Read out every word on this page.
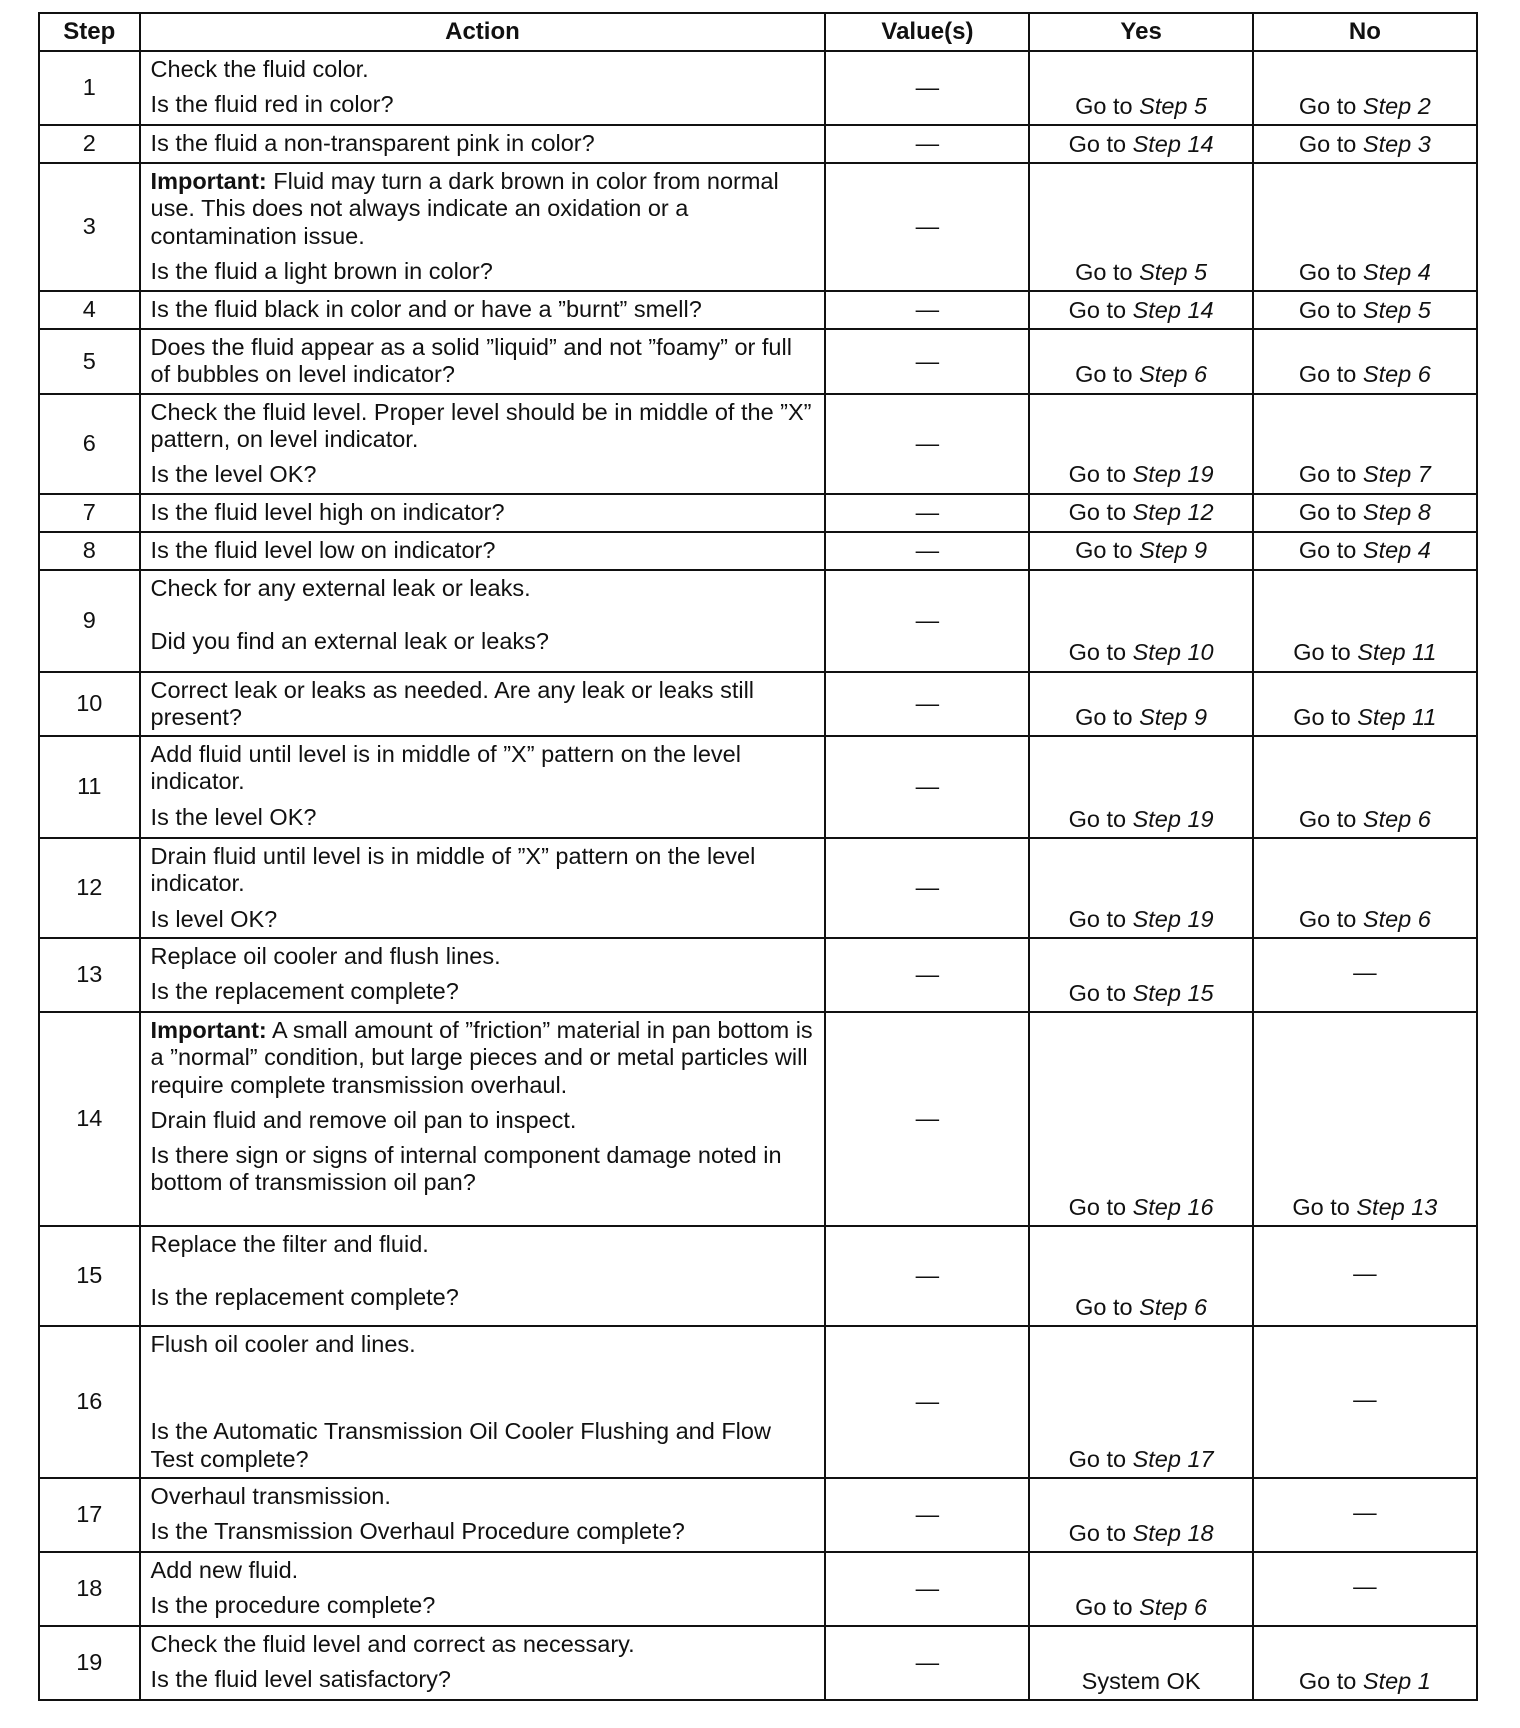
Step	Action	Value(s)	Yes	No
1	Check the fluid color.

Is the fluid red in color?	—	Go to Step 5	Go to Step 2
2	Is the fluid a non-transparent pink in color?	—	Go to Step 14	Go to Step 3
3	Important: Fluid may turn a dark brown in color from normal use. This does not always indicate an oxidation or a contamination issue.

Is the fluid a light brown in color?	—	Go to Step 5	Go to Step 4
4	Is the fluid black in color and or have a ”burnt” smell?	—	Go to Step 14	Go to Step 5
5	Does the fluid appear as a solid ”liquid” and not ”foamy” or full of bubbles on level indicator?	—	Go to Step 6	Go to Step 6
6	Check the fluid level. Proper level should be in middle of the ”X” pattern, on level indicator.

Is the level OK?	—	Go to Step 19	Go to Step 7
7	Is the fluid level high on indicator?	—	Go to Step 12	Go to Step 8
8	Is the fluid level low on indicator?	—	Go to Step 9	Go to Step 4
9	Check for any external leak or leaks.

Did you find an external leak or leaks?	—	Go to Step 10	Go to Step 11
10	Correct leak or leaks as needed. Are any leak or leaks still present?	—	Go to Step 9	Go to Step 11
11	Add fluid until level is in middle of ”X” pattern on the level indicator.

Is the level OK?	—	Go to Step 19	Go to Step 6
12	Drain fluid until level is in middle of ”X” pattern on the level indicator.

Is level OK?	—	Go to Step 19	Go to Step 6
13	Replace oil cooler and flush lines.

Is the replacement complete?	—	Go to Step 15	—
14	Important: A small amount of ”friction” material in pan bottom is a ”normal” condition, but large pieces and or metal particles will require complete transmission overhaul.

Drain fluid and remove oil pan to inspect.

Is there sign or signs of internal component damage noted in bottom of transmission oil pan?	—	Go to Step 16	Go to Step 13
15	Replace the filter and fluid.

Is the replacement complete?	—	Go to Step 6	—
16	Flush oil cooler and lines.

Is the Automatic Transmission Oil Cooler Flushing and Flow Test complete?	—	Go to Step 17	—
17	Overhaul transmission.

Is the Transmission Overhaul Procedure complete?	—	Go to Step 18	—
18	Add new fluid.

Is the procedure complete?	—	Go to Step 6	—
19	Check the fluid level and correct as necessary.

Is the fluid level satisfactory?	—	System OK	Go to Step 1
